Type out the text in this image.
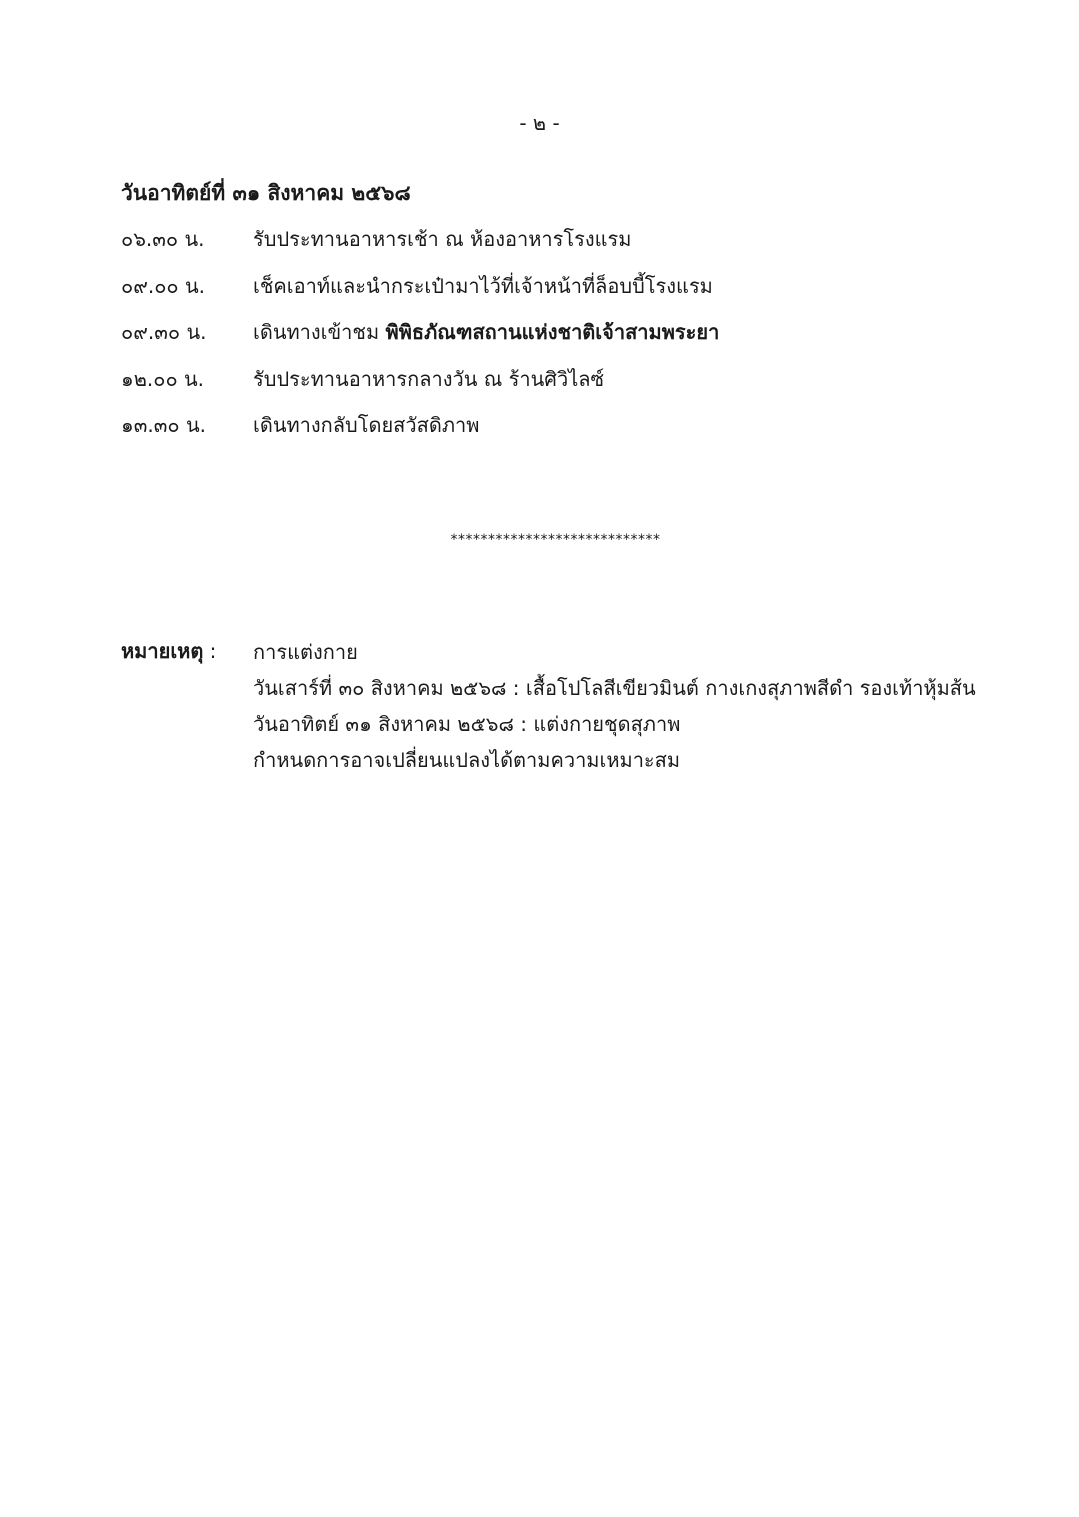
- ๒ -
วันอาทิตย์ที่ ๓๑ สิงหาคม ๒๕๖๘
๐๖.๓๐ น. รับประทานอาหารเช้า ณ ห้องอาหารโรงแรม
๐๙.๐๐ น. เช็คเอาท์และนำกระเป๋ามาไว้ที่เจ้าหน้าที่ล็อบบี้โรงแรม
๐๙.๓๐ น. เดินทางเข้าชม พิพิธภัณฑสถานแห่งชาติเจ้าสามพระยา
๑๒.๐๐ น. รับประทานอาหารกลางวัน ณ ร้านศิวิไลซ์
๑๓.๓๐ น. เดินทางกลับโดยสวัสดิภาพ
****************************
หมายเหตุ : การแต่งกาย
วันเสาร์ที่ ๓๐ สิงหาคม ๒๕๖๘ : เสื้อโปโลสีเขียวมินต์ กางเกงสุภาพสีดำ รองเท้าหุ้มส้น
วันอาทิตย์ ๓๑ สิงหาคม ๒๕๖๘ : แต่งกายชุดสุภาพ
กำหนดการอาจเปลี่ยนแปลงได้ตามความเหมาะสม
